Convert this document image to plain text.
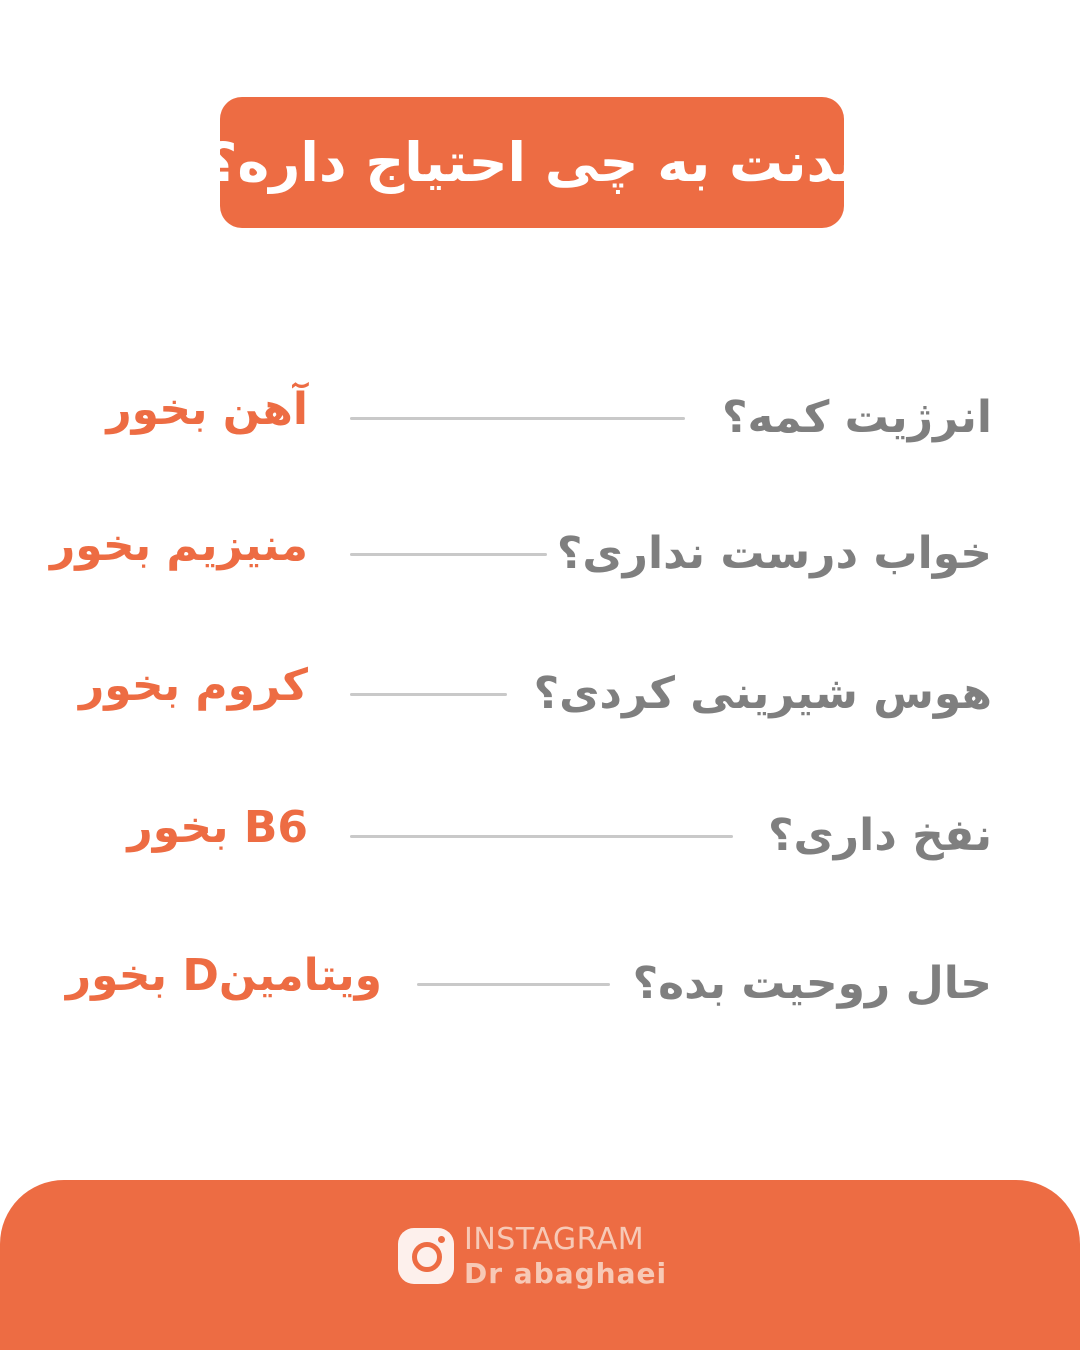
بدنت به چی احتیاج داره؟
انرژیت کمه؟
آهن بخور
خواب درست نداری؟
منیزیم بخور
هوس شیرینی کردی؟
کروم بخور
نفخ داری؟
B6 بخور
حال روحیت بده؟
ویتامینD بخور
INSTAGRAM
Dr abaghaei
